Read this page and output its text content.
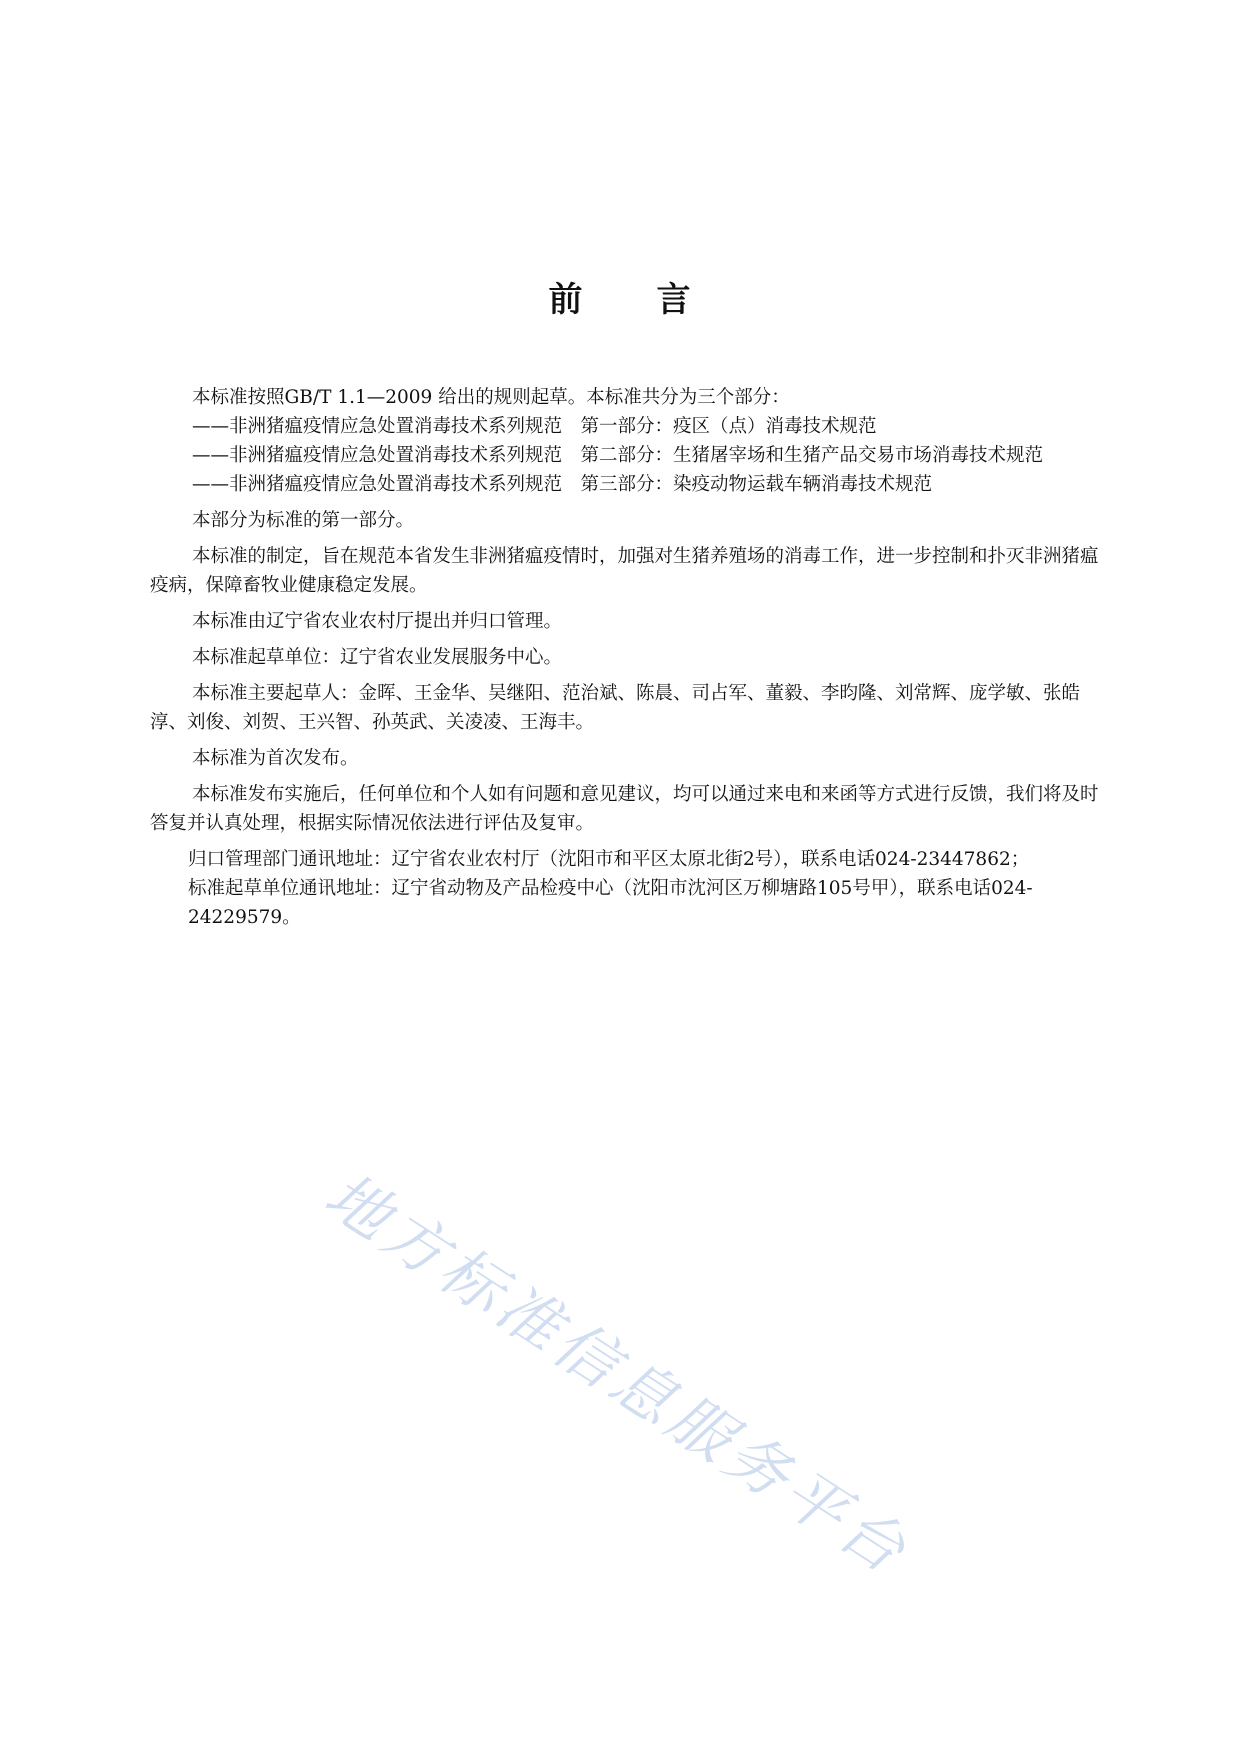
前 言

本标准按照GB/T 1.1—2009 给出的规则起草。本标准共分为三个部分：

——非洲猪瘟疫情应急处置消毒技术系列规范　第一部分：疫区（点）消毒技术规范

——非洲猪瘟疫情应急处置消毒技术系列规范　第二部分：生猪屠宰场和生猪产品交易市场消毒技术规范

——非洲猪瘟疫情应急处置消毒技术系列规范　第三部分：染疫动物运载车辆消毒技术规范

本部分为标准的第一部分。

本标准的制定，旨在规范本省发生非洲猪瘟疫情时，加强对生猪养殖场的消毒工作，进一步控制和扑灭非洲猪瘟疫病，保障畜牧业健康稳定发展。

本标准由辽宁省农业农村厅提出并归口管理。

本标准起草单位：辽宁省农业发展服务中心。

本标准主要起草人：金晖、王金华、吴继阳、范治斌、陈晨、司占军、董毅、李昀隆、刘常辉、庞学敏、张皓淳、刘俊、刘贺、王兴智、孙英武、关凌凌、王海丰。

本标准为首次发布。

本标准发布实施后，任何单位和个人如有问题和意见建议，均可以通过来电和来函等方式进行反馈，我们将及时答复并认真处理，根据实际情况依法进行评估及复审。

归口管理部门通讯地址：辽宁省农业农村厅（沈阳市和平区太原北街2号），联系电话024-23447862；

标准起草单位通讯地址：辽宁省动物及产品检疫中心（沈阳市沈河区万柳塘路105号甲），联系电话024-24229579。

地方标准信息服务平台
